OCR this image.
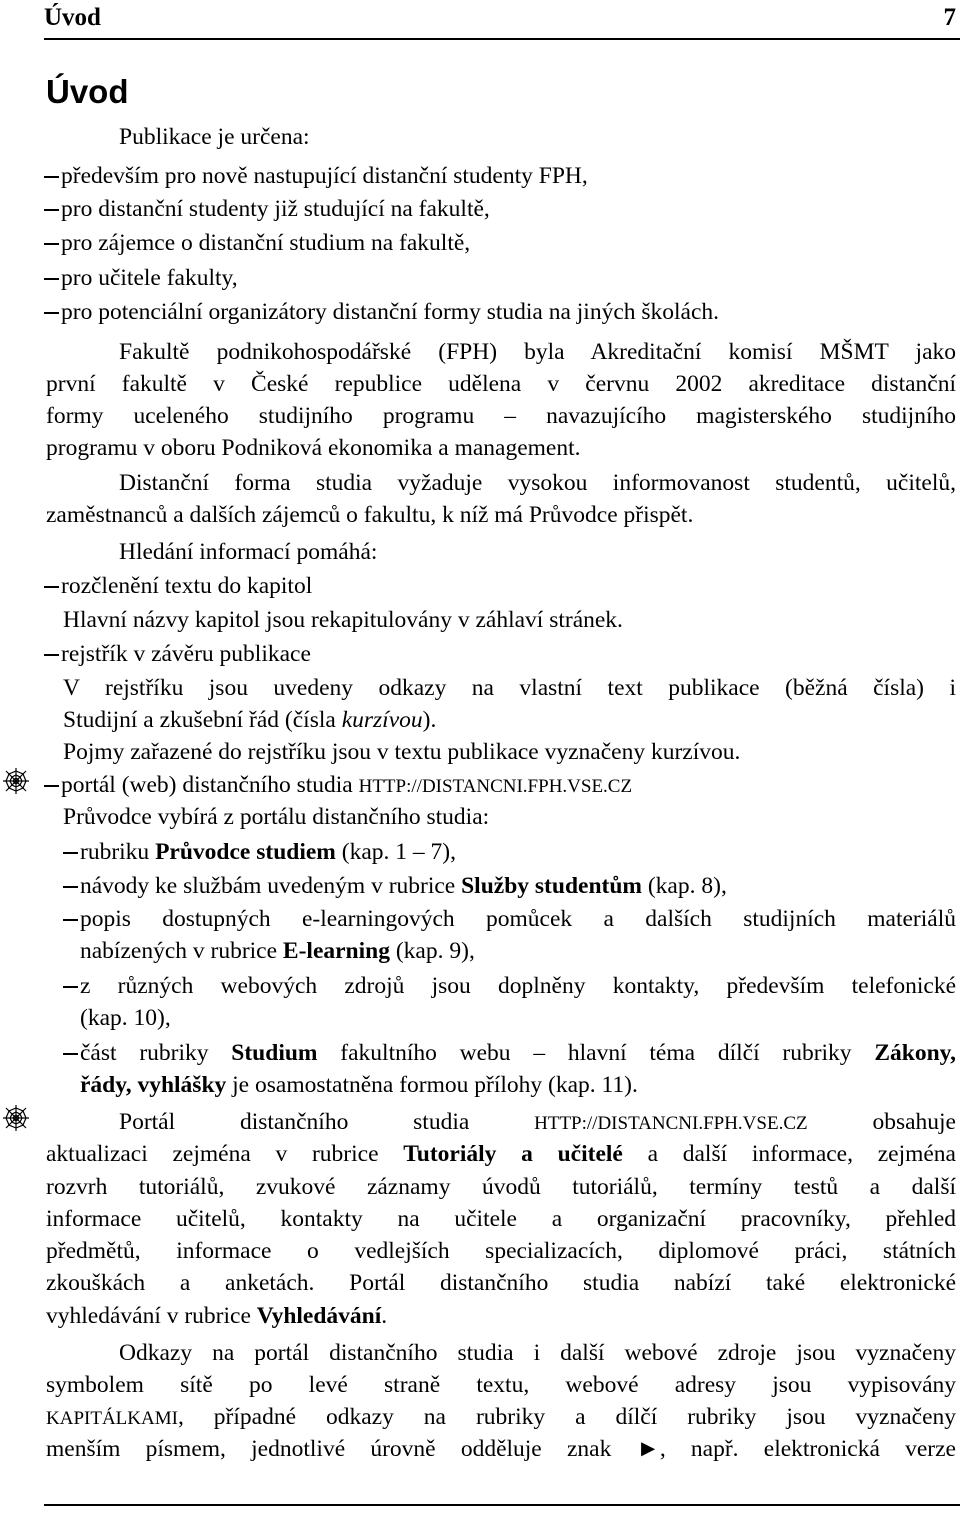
Úvod	7
Úvod
Publikace je určena:
především pro nově nastupující distanční studenty FPH,
pro distanční studenty již studující na fakultě,
pro zájemce o distanční studium na fakultě,
pro učitele fakulty,
pro potenciální organizátory distanční formy studia na jiných školách.
Fakultě podnikohospodářské (FPH) byla Akreditační komisí MŠMT jako
první fakultě v České republice udělena v červnu 2002 akreditace distanční
formy uceleného studijního programu – navazujícího magisterského studijního
programu v oboru Podniková ekonomika a management.
Distanční forma studia vyžaduje vysokou informovanost studentů, učitelů,
zaměstnanců a dalších zájemců o fakultu, k níž má Průvodce přispět.
Hledání informací pomáhá:
rozčlenění textu do kapitol
Hlavní názvy kapitol jsou rekapitulovány v záhlaví stránek.
rejstřík v závěru publikace
V rejstříku jsou uvedeny odkazy na vlastní text publikace (běžná čísla) i
Studijní a zkušební řád (čísla kurzívou).
Pojmy zařazené do rejstříku jsou v textu publikace vyznačeny kurzívou.
portál (web) distančního studia HTTP://DISTANCNI.FPH.VSE.CZ
Průvodce vybírá z portálu distančního studia:
rubriku Průvodce studiem (kap. 1 – 7),
návody ke službám uvedeným v rubrice Služby studentům (kap. 8),
popis dostupných e-learningových pomůcek a dalších studijních materiálů
nabízených v rubrice E-learning (kap. 9),
z různých webových zdrojů jsou doplněny kontakty, především telefonické
(kap. 10),
část rubriky Studium fakultního webu – hlavní téma dílčí rubriky Zákony,
řády, vyhlášky je osamostatněna formou přílohy (kap. 11).
Portál distančního studia HTTP://DISTANCNI.FPH.VSE.CZ obsahuje
aktualizaci zejména v rubrice Tutoriály a učitelé a další informace, zejména
rozvrh tutoriálů, zvukové záznamy úvodů tutoriálů, termíny testů a další
informace učitelů, kontakty na učitele a organizační pracovníky, přehled
předmětů, informace o vedlejších specializacích, diplomové práci, státních
zkouškách a anketách. Portál distančního studia nabízí také elektronické
vyhledávání v rubrice Vyhledávání.
Odkazy na portál distančního studia i další webové zdroje jsou vyznačeny
symbolem sítě po levé straně textu, webové adresy jsou vypisovány
KAPITÁLKAMI, případné odkazy na rubriky a dílčí rubriky jsou vyznačeny
menším písmem, jednotlivé úrovně odděluje znak ►, např. elektronická verze
